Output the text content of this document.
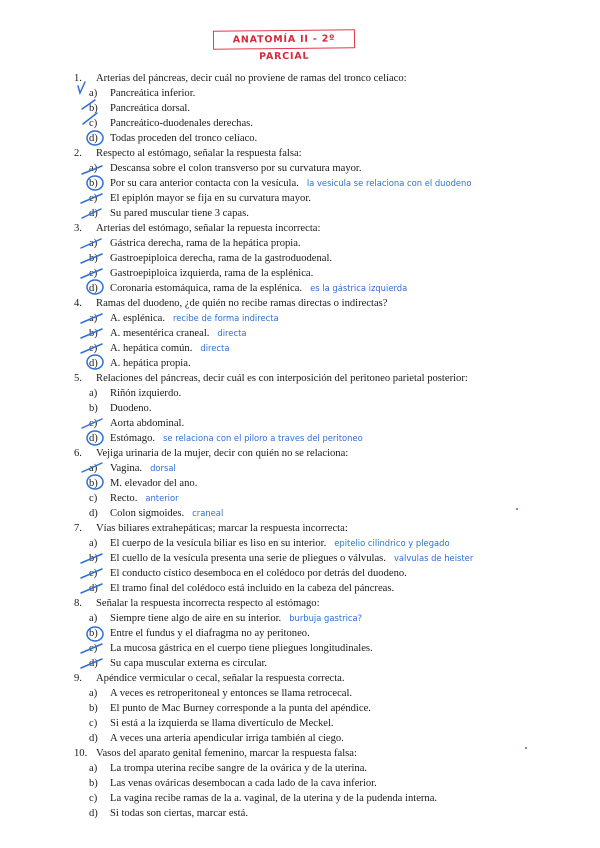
ANATOMÍA II - 2º PARCIAL
1. Arterias del páncreas, decir cuál no proviene de ramas del tronco celíaco:
a) Pancreática inferior.
b) Pancreática dorsal.
c) Pancreático-duodenales derechas.
d) Todas proceden del tronco celíaco.
2. Respecto al estómago, señalar la respuesta falsa:
a) Descansa sobre el colon transverso por su curvatura mayor.
b) Por su cara anterior contacta con la vesícula. la vesicula se relaciona con el duodeno
c) El epiplón mayor se fija en su curvatura mayor.
d) Su pared muscular tiene 3 capas.
3. Arterias del estómago, señalar la repuesta incorrecta:
a) Gástrica derecha, rama de la hepática propia.
b) Gastroepiploica derecha, rama de la gastroduodenal.
c) Gastroepiploica izquierda, rama de la esplénica.
d) Coronaria estomáquica, rama de la esplénica. es la gástrica izquierda
4. Ramas del duodeno, ¿de quién no recibe ramas directas o indirectas?
a) A. esplénica. recibe de forma indirecta
b) A. mesentérica craneal. directa
c) A. hepática común. directa
d) A. hepática propia.
5. Relaciones del páncreas, decir cuál es con interposición del peritoneo parietal posterior:
a) Riñón izquierdo.
b) Duodeno.
c) Aorta abdominal.
d) Estómago. se relaciona con el piloro a traves del peritoneo
6. Vejiga urinaria de la mujer, decir con quién no se relaciona:
a) Vagina. dorsal
b) M. elevador del ano.
c) Recto. anterior
d) Colon sigmoides. craneal
7. Vías biliares extrahepáticas; marcar la respuesta incorrecta:
a) El cuerpo de la vesícula biliar es liso en su interior. epitelio cilindrico y plegado
b) El cuello de la vesícula presenta una serie de pliegues o válvulas. valvulas de heister
c) El conducto cístico desemboca en el colédoco por detrás del duodeno.
d) El tramo final del colédoco está incluido en la cabeza del páncreas.
8. Señalar la respuesta incorrecta respecto al estómago:
a) Siempre tiene algo de aire en su interior. burbuja gastrica?
b) Entre el fundus y el diafragma no ay peritoneo.
c) La mucosa gástrica en el cuerpo tiene pliegues longitudinales.
d) Su capa muscular externa es circular.
9. Apéndice vermicular o cecal, señalar la respuesta correcta.
a) A veces es retroperitoneal y entonces se llama retrocecal.
b) El punto de Mac Burney corresponde a la punta del apéndice.
c) Si está a la izquierda se llama divertículo de Meckel.
d) A veces una arteria apendicular irriga también al ciego.
10. Vasos del aparato genital femenino, marcar la respuesta falsa:
a) La trompa uterina recibe sangre de la ovárica y de la uterina.
b) Las venas ováricas desembocan a cada lado de la cava inferior.
c) La vagina recibe ramas de la a. vaginal, de la uterina y de la pudenda interna.
d) Si todas son ciertas, marcar está.
